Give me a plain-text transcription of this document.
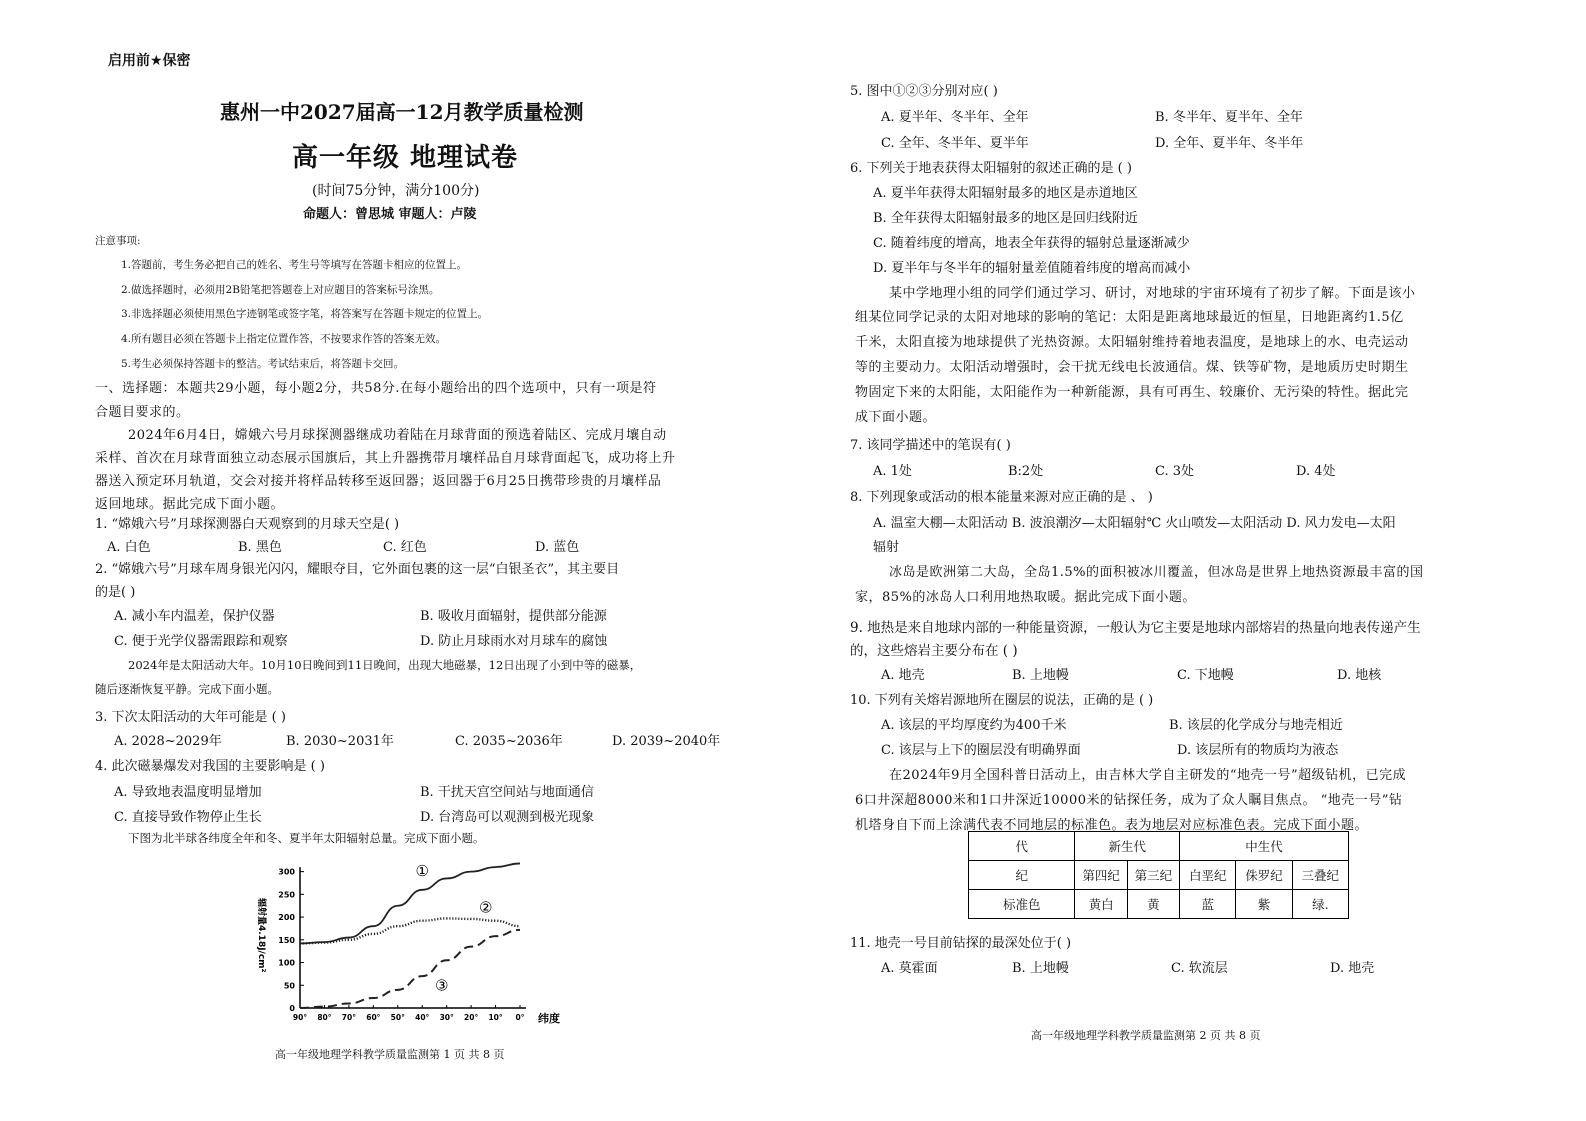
启用前★保密
惠州一中2027届高一12月教学质量检测
高一年级 地理试卷
(时间75分钟，满分100分)
命题人：曾思城 审题人：卢陵
注意事项:
1.答题前，考生务必把自己的姓名、考生号等填写在答题卡相应的位置上。
2.做选择题时，必须用2B铅笔把答题卷上对应题目的答案标号涂黑。
3.非选择题必须使用黑色字迹钢笔或签字笔，将答案写在答题卡规定的位置上。
4.所有题目必须在答题卡上指定位置作答，不按要求作答的答案无效。
5.考生必须保持答题卡的整洁。考试结束后，将答题卡交回。
一、选择题：本题共29小题，每小题2分，共58分.在每小题给出的四个选项中，只有一项是符
合题目要求的。
2024年6月4日，嫦娥六号月球探测器继成功着陆在月球背面的预选着陆区、完成月壤自动
采样、首次在月球背面独立动态展示国旗后，其上升器携带月壤样品自月球背面起飞，成功将上升
器送入预定环月轨道，交会对接并将样品转移至返回器；返回器于6月25日携带珍贵的月壤样品
返回地球。据此完成下面小题。
1. “嫦娥六号”月球探测器白天观察到的月球天空是( )
A. 白色	B. 黑色	C. 红色	D. 蓝色
2. “嫦娥六号”月球车周身银光闪闪，耀眼夺目，它外面包裹的这一层“白银圣衣”，其主要目
的是( )
A. 减小车内温差，保护仪器	B. 吸收月面辐射，提供部分能源
C. 便于光学仪器需跟踪和观察	D. 防止月球雨水对月球车的腐蚀
2024年是太阳活动大年。10月10日晚间到11日晚间，出现大地磁暴，12日出现了小到中等的磁暴，
随后逐渐恢复平静。完成下面小题。
3. 下次太阳活动的大年可能是 ( )
A. 2028~2029年	B. 2030~2031年	C. 2035~2036年	D. 2039~2040年
4. 此次磁暴爆发对我国的主要影响是 ( )
A. 导致地表温度明显增加	B. 干扰天宫空间站与地面通信
C. 直接导致作物停止生长	D. 台湾岛可以观测到极光现象
下图为北半球各纬度全年和冬、夏半年太阳辐射总量。完成下面小题。
0
50
100
150
200
250
300
90° 80° 70° 60° 50° 40° 30° 20° 10° 0°
辐射量4.18J/cm²
纬度
①
②
③
高一年级地理学科教学质量监测第 1 页 共 8 页
5. 图中①②③分别对应( )
A. 夏半年、冬半年、全年	B. 冬半年、夏半年、全年
C. 全年、冬半年、夏半年	D. 全年、夏半年、冬半年
6. 下列关于地表获得太阳辐射的叙述正确的是 ( )
A. 夏半年获得太阳辐射最多的地区是赤道地区
B. 全年获得太阳辐射最多的地区是回归线附近
C. 随着纬度的增高，地表全年获得的辐射总量逐渐减少
D. 夏半年与冬半年的辐射量差值随着纬度的增高而减小
某中学地理小组的同学们通过学习、研讨，对地球的宇宙环境有了初步了解。下面是该小
组某位同学记录的太阳对地球的影响的笔记：太阳是距离地球最近的恒星，日地距离约1.5亿
千米，太阳直接为地球提供了光热资源。太阳辐射维持着地表温度，是地球上的水、电壳运动
等的主要动力。太阳活动增强时，会干扰无线电长波通信。煤、铁等矿物，是地质历史时期生
物固定下来的太阳能，太阳能作为一种新能源，具有可再生、较廉价、无污染的特性。据此完
成下面小题。
7. 该同学描述中的笔误有( )
A. 1处	B:2处	C. 3处	D. 4处
8. 下列现象或活动的根本能量来源对应正确的是 、 )
A. 温室大棚—太阳活动 B. 波浪潮汐—太阳辐射℃ 火山喷发—太阳活动 D. 风力发电—太阳
辐射
冰岛是欧洲第二大岛，全岛1.5%的面积被冰川覆盖，但冰岛是世界上地热资源最丰富的国
家，85%的冰岛人口利用地热取暖。据此完成下面小题。
9. 地热是来自地球内部的一种能量资源，一般认为它主要是地球内部熔岩的热量向地表传递产生
的，这些熔岩主要分布在 ( )
A. 地壳	B. 上地幔	C. 下地幔	D. 地核
10. 下列有关熔岩源地所在圈层的说法，正确的是 ( )
A. 该层的平均厚度约为400千米	B. 该层的化学成分与地壳相近
C. 该层与上下的圈层没有明确界面	D. 该层所有的物质均为液态
在2024年9月全国科普日活动上，由吉林大学自主研发的“地壳一号”超级钻机，已完成
6口井深超8000米和1口井深近10000米的钻探任务，成为了众人瞩目焦点。 “地壳一号”钻
机塔身自下而上涂满代表不同地层的标准色。表为地层对应标准色表。完成下面小题。
代	新生代		中生代		
纪	第四纪	第三纪	白垩纪	侏罗纪	三叠纪
标准色	黄白	黄	蓝	紫	绿.
11. 地壳一号目前钻探的最深处位于( )
A. 莫霍面	B. 上地幔	C. 软流层	D. 地壳
高一年级地理学科教学质量监测第 2 页 共 8 页
